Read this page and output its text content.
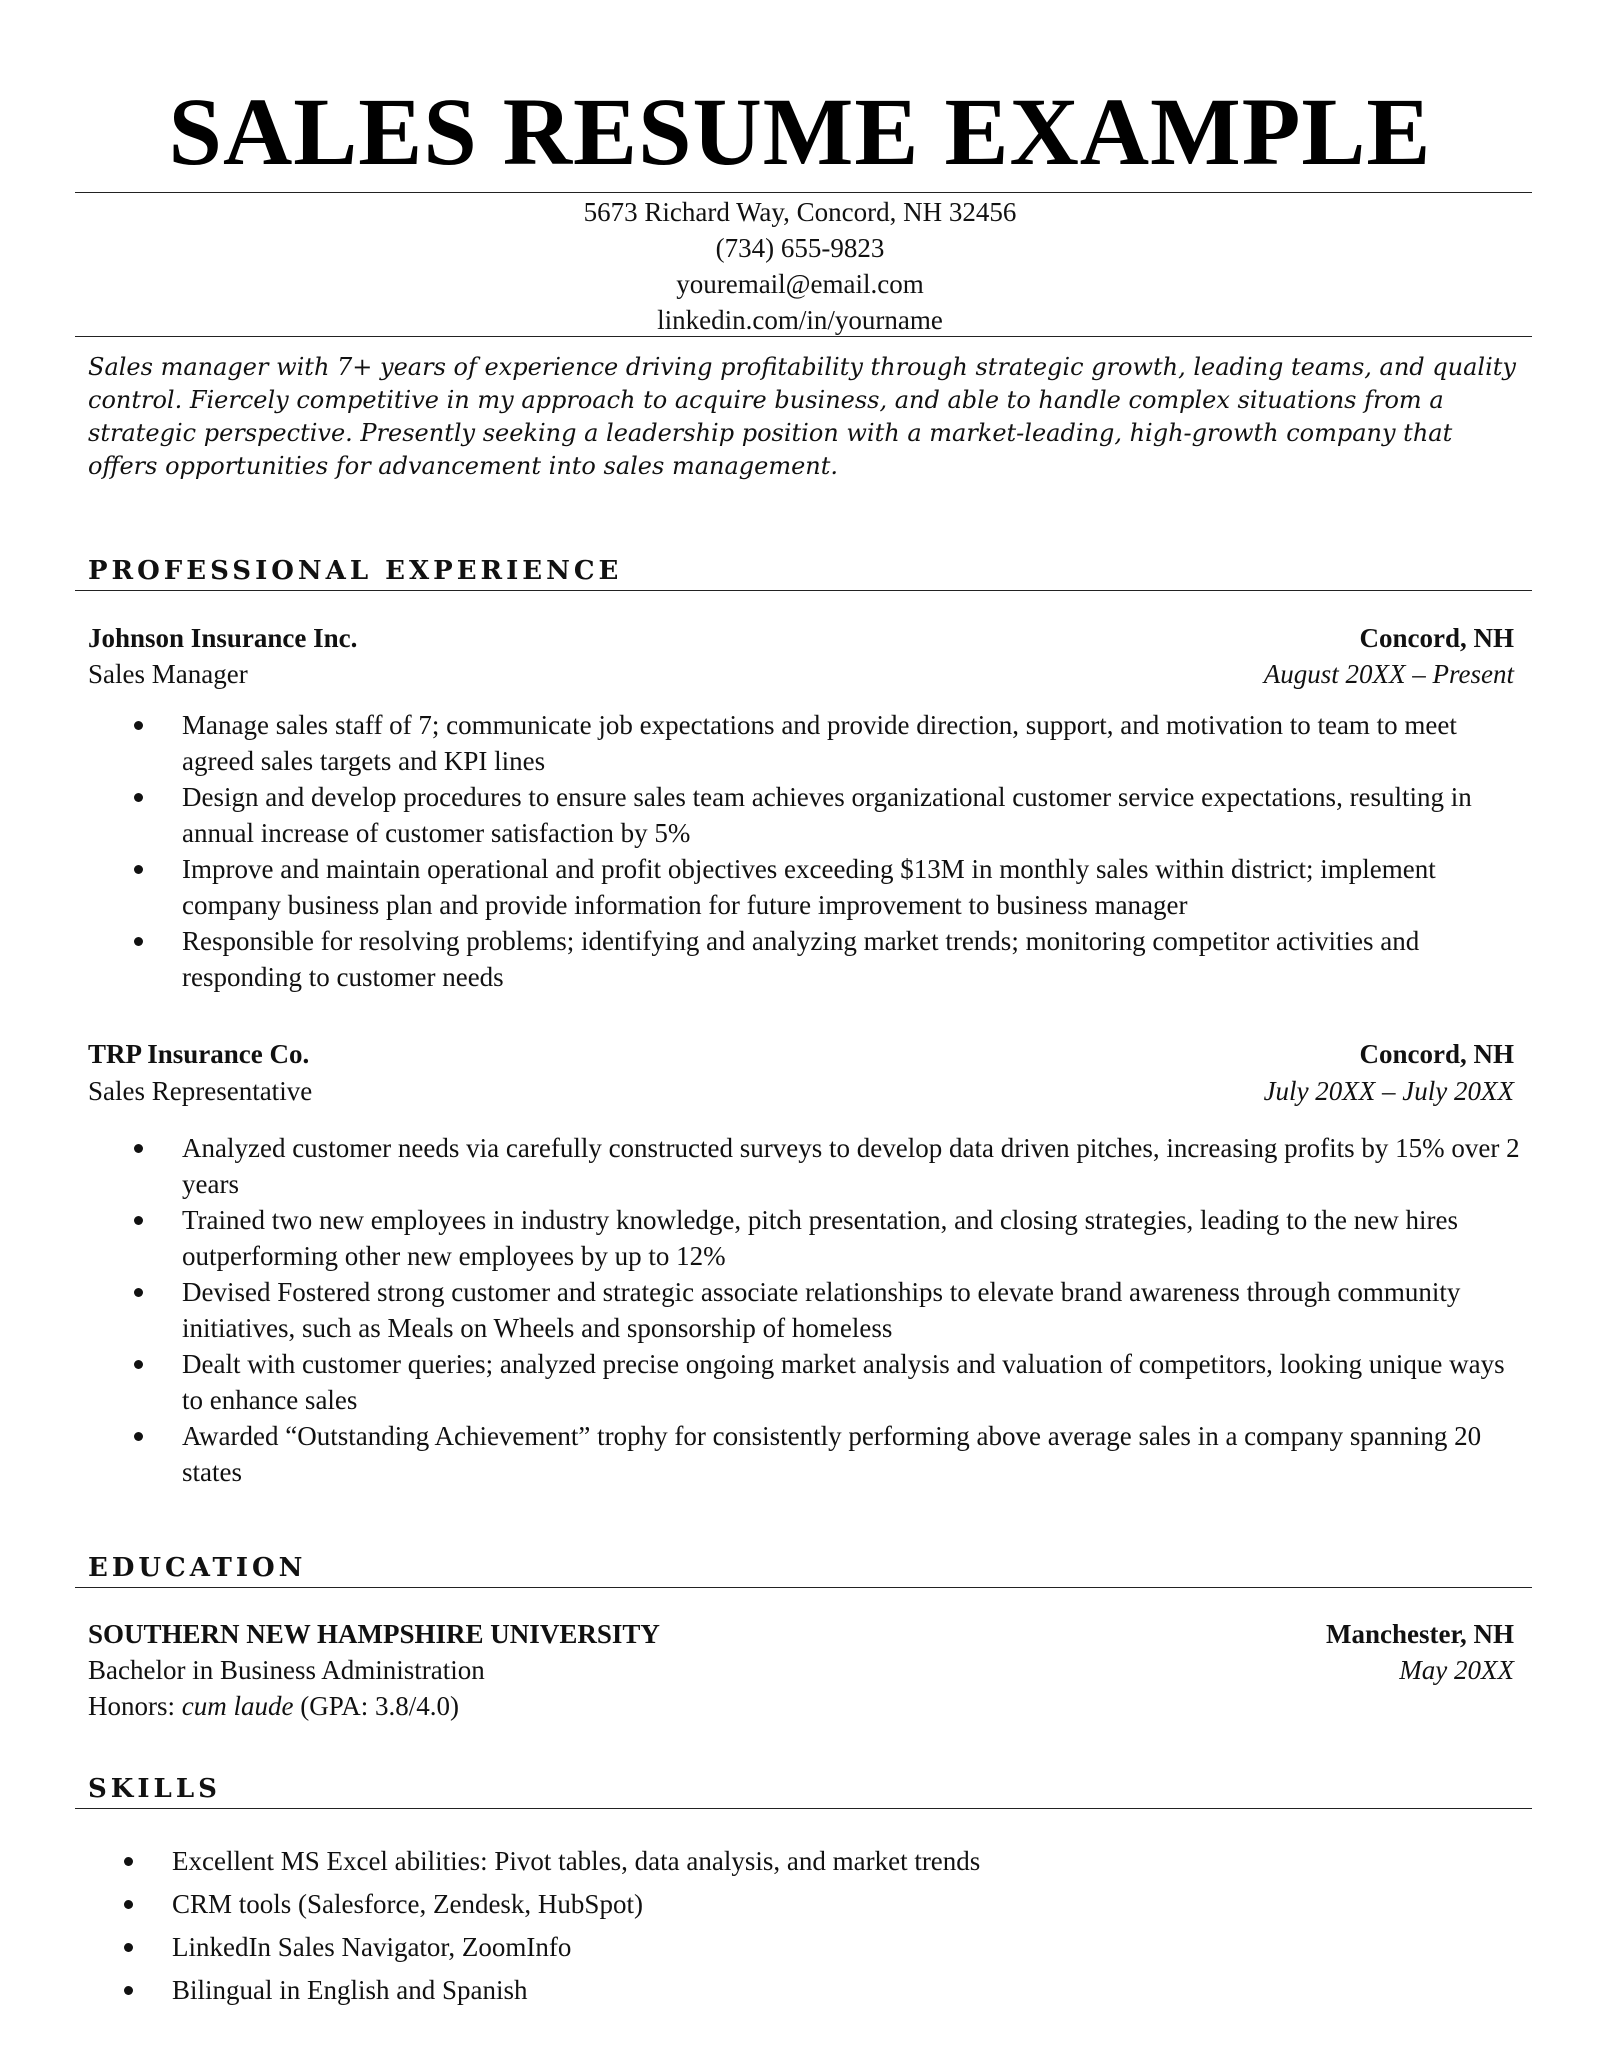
SALES RESUME EXAMPLE
5673 Richard Way, Concord, NH 32456
(734) 655-9823
youremail@email.com
linkedin.com/in/yourname

Sales manager with 7+ years of experience driving profitability through strategic growth, leading teams, and quality control. Fiercely competitive in my approach to acquire business, and able to handle complex situations from a strategic perspective. Presently seeking a leadership position with a market-leading, high-growth company that offers opportunities for advancement into sales management.

PROFESSIONAL EXPERIENCE
Johnson Insurance Inc.	Concord, NH
Sales Manager	August 20XX – Present
Manage sales staff of 7; communicate job expectations and provide direction, support, and motivation to team to meet agreed sales targets and KPI lines
Design and develop procedures to ensure sales team achieves organizational customer service expectations, resulting in annual increase of customer satisfaction by 5%
Improve and maintain operational and profit objectives exceeding $13M in monthly sales within district; implement company business plan and provide information for future improvement to business manager
Responsible for resolving problems; identifying and analyzing market trends; monitoring competitor activities and responding to customer needs
TRP Insurance Co.	Concord, NH
Sales Representative	July 20XX – July 20XX
Analyzed customer needs via carefully constructed surveys to develop data driven pitches, increasing profits by 15% over 2 years
Trained two new employees in industry knowledge, pitch presentation, and closing strategies, leading to the new hires outperforming other new employees by up to 12%
Devised Fostered strong customer and strategic associate relationships to elevate brand awareness through community initiatives, such as Meals on Wheels and sponsorship of homeless
Dealt with customer queries; analyzed precise ongoing market analysis and valuation of competitors, looking unique ways to enhance sales
Awarded “Outstanding Achievement” trophy for consistently performing above average sales in a company spanning 20 states
EDUCATION
SOUTHERN NEW HAMPSHIRE UNIVERSITY	Manchester, NH
Bachelor in Business Administration	May 20XX
Honors: cum laude (GPA: 3.8/4.0)
SKILLS
Excellent MS Excel abilities: Pivot tables, data analysis, and market trends
CRM tools (Salesforce, Zendesk, HubSpot)
LinkedIn Sales Navigator, ZoomInfo
Bilingual in English and Spanish
